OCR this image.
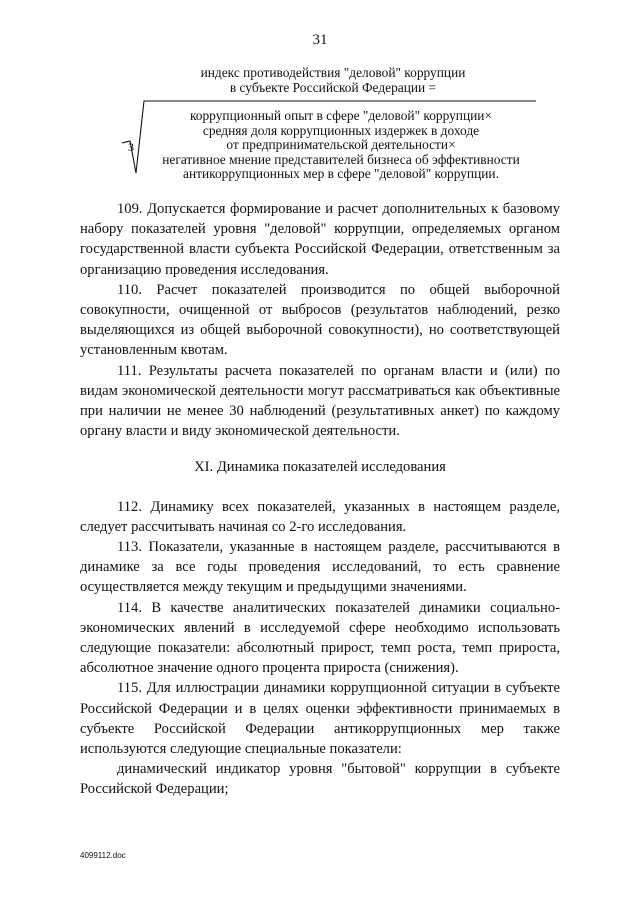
31
индекс противодействия "деловой" коррупции
в субъекте Российской Федерации =
3
коррупционный опыт в сфере "деловой" коррупции×
средняя доля коррупционных издержек в доходе
от предпринимательской деятельности×
негативное мнение представителей бизнеса об эффективности
антикоррупционных мер в сфере "деловой" коррупции.

109. Допускается формирование и расчет дополнительных к базовому набору показателей уровня "деловой" коррупции, определяемых органом государственной власти субъекта Российской Федерации, ответственным за организацию проведения исследования.

110. Расчет показателей производится по общей выборочной совокупности, очищенной от выбросов (результатов наблюдений, резко выделяющихся из общей выборочной совокупности), но соответствующей установленным квотам.

111. Результаты расчета показателей по органам власти и (или) по видам экономической деятельности могут рассматриваться как объективные при наличии не менее 30 наблюдений (результативных анкет) по каждому органу власти и виду экономической деятельности.

XI. Динамика показателей исследования

112. Динамику всех показателей, указанных в настоящем разделе, следует рассчитывать начиная со 2-го исследования.

113. Показатели, указанные в настоящем разделе, рассчитываются в динамике за все годы проведения исследований, то есть сравнение осуществляется между текущим и предыдущими значениями.

114. В качестве аналитических показателей динамики социально-экономических явлений в исследуемой сфере необходимо использовать следующие показатели: абсолютный прирост, темп роста, темп прироста, абсолютное значение одного процента прироста (снижения).

115. Для иллюстрации динамики коррупционной ситуации в субъекте Российской Федерации и в целях оценки эффективности принимаемых в субъекте Российской Федерации антикоррупционных мер также используются следующие специальные показатели:

динамический индикатор уровня "бытовой" коррупции в субъекте Российской Федерации;

4099112.doc
